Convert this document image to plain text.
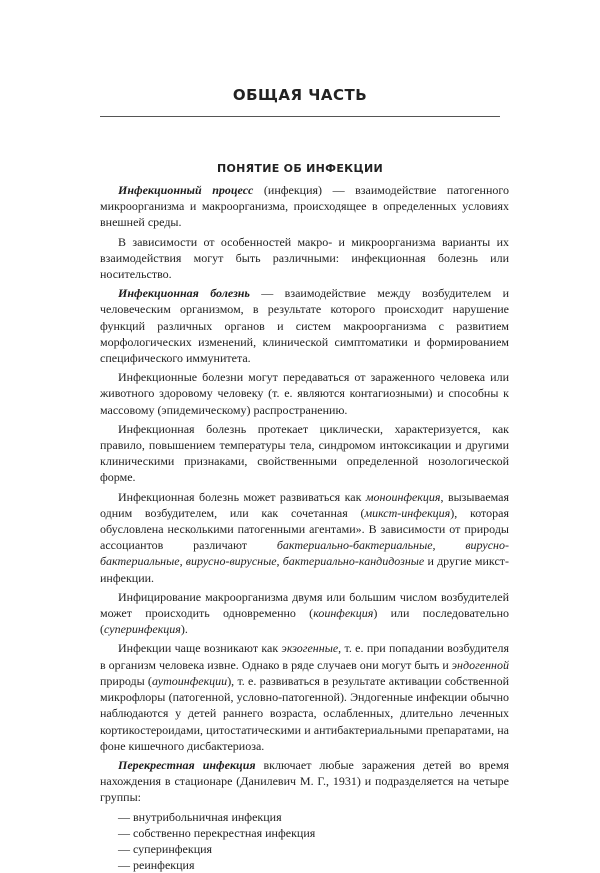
ОБЩАЯ ЧАСТЬ
ПОНЯТИЕ ОБ ИНФЕКЦИИ

Инфекционный процесс (инфекция) — взаимодействие патогенного микроорганизма и макроорганизма, происходящее в определенных условиях внешней среды.

В зависимости от особенностей макро- и микроорганизма варианты их взаимодействия могут быть различными: инфекционная болезнь или носительство.

Инфекционная болезнь — взаимодействие между возбудителем и человеческим организмом, в результате которого происходит нарушение функций различных органов и систем макроорганизма с развитием морфологических изменений, клинической симптоматики и формированием специфического иммунитета.

Инфекционные болезни могут передаваться от зараженного человека или животного здоровому человеку (т. е. являются контагиозными) и способны к массовому (эпидемическому) распространению.

Инфекционная болезнь протекает циклически, характеризуется, как правило, повышением температуры тела, синдромом интоксикации и другими клиническими признаками, свойственными определенной нозологической форме.

Инфекционная болезнь может развиваться как моноинфекция, вызываемая одним возбудителем, или как сочетанная (микст-инфекция), которая обусловлена несколькими патогенными агентами». В зависимости от природы ассоциантов различают бактериально-бактериальные, вирусно-бактериальные, вирусно-вирусные, бактериально-кандидозные и другие микст-инфекции.

Инфицирование макроорганизма двумя или большим числом возбудителей может происходить одновременно (коинфекция) или последовательно (суперинфекция).

Инфекции чаще возникают как экзогенные, т. е. при попадании возбудителя в организм человека извне. Однако в ряде случаев они могут быть и эндогенной природы (аутоинфекции), т. е. развиваться в результате активации собственной микрофлоры (патогенной, условно-патогенной). Эндогенные инфекции обычно наблюдаются у детей раннего возраста, ослабленных, длительно леченных кортикостероидами, цитостатическими и антибактериальными препаратами, на фоне кишечного дисбактериоза.

Перекрестная инфекция включает любые заражения детей во время нахождения в стационаре (Данилевич М. Г., 1931) и подразделяется на четыре группы:

— внутрибольничная инфекция

— собственно перекрестная инфекция

— суперинфекция

— реинфекция
